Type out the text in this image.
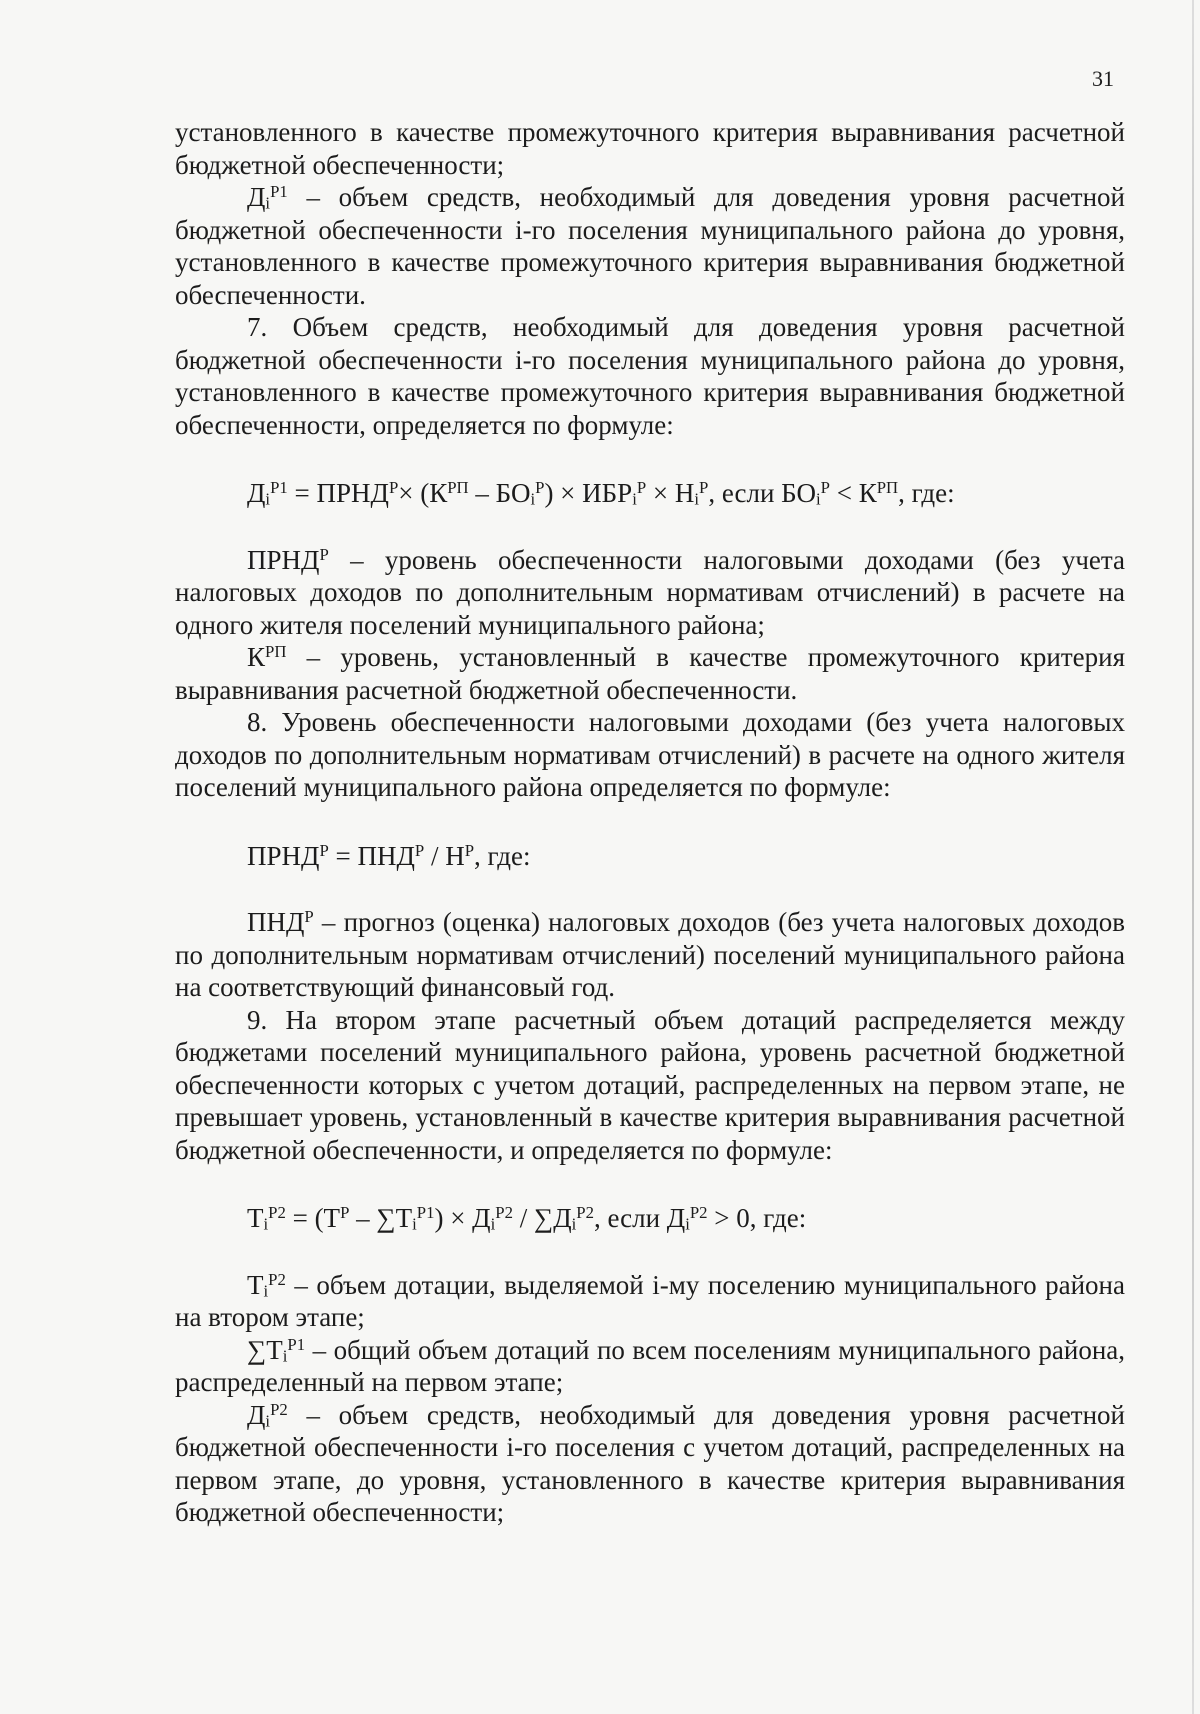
31

установленного в качестве промежуточного критерия выравнивания расчетной бюджетной обеспеченности;

$Д_i^{Р1}$ – объем средств, необходимый для доведения уровня расчетной бюджетной обеспеченности i-го поселения муниципального района до уровня, установленного в качестве промежуточного критерия выравнивания бюджетной обеспеченности.

7. Объем средств, необходимый для доведения уровня расчетной бюджетной обеспеченности i-го поселения муниципального района до уровня, установленного в качестве промежуточного критерия выравнивания бюджетной обеспеченности, определяется по формуле:

$Д_i^{Р1}$ = $ПРНД^Р\times (К^{РП} - БО_i^Р) \times ИБР_i^Р \times Н_i^Р$, если $БО_i^Р < К^{РП}$, где:

$ПРНД^Р$ – уровень обеспеченности налоговыми доходами (без учета налоговых доходов по дополнительным нормативам отчислений) в расчете на одного жителя поселений муниципального района;

$К^{РП}$ – уровень, установленный в качестве промежуточного критерия выравнивания расчетной бюджетной обеспеченности.

8. Уровень обеспеченности налоговыми доходами (без учета налоговых доходов по дополнительным нормативам отчислений) в расчете на одного жителя поселений муниципального района определяется по формуле:

$ПРНД^Р = ПНД^Р / Н^Р$, где:

$ПНД^Р$ – прогноз (оценка) налоговых доходов (без учета налоговых доходов по дополнительным нормативам отчислений) поселений муниципального района на соответствующий финансовый год.

9. На втором этапе расчетный объем дотаций распределяется между бюджетами поселений муниципального района, уровень расчетной бюджетной обеспеченности которых с учетом дотаций, распределенных на первом этапе, не превышает уровень, установленный в качестве критерия выравнивания расчетной бюджетной обеспеченности, и определяется по формуле:

$Т_i^{Р2} = (Т^Р - \sum Т_i^{Р1}) \times Д_i^{Р2} / \sum Д_i^{Р2}$, если $Д_i^{Р2} > 0$, где:

$Т_i^{Р2}$ – объем дотации, выделяемой i-му поселению муниципального района на втором этапе;

$\sum Т_i^{Р1}$ – общий объем дотаций по всем поселениям муниципального района, распределенный на первом этапе;

$Д_i^{Р2}$ – объем средств, необходимый для доведения уровня расчетной бюджетной обеспеченности i-го поселения с учетом дотаций, распределенных на первом этапе, до уровня, установленного в качестве критерия выравнивания бюджетной обеспеченности;
